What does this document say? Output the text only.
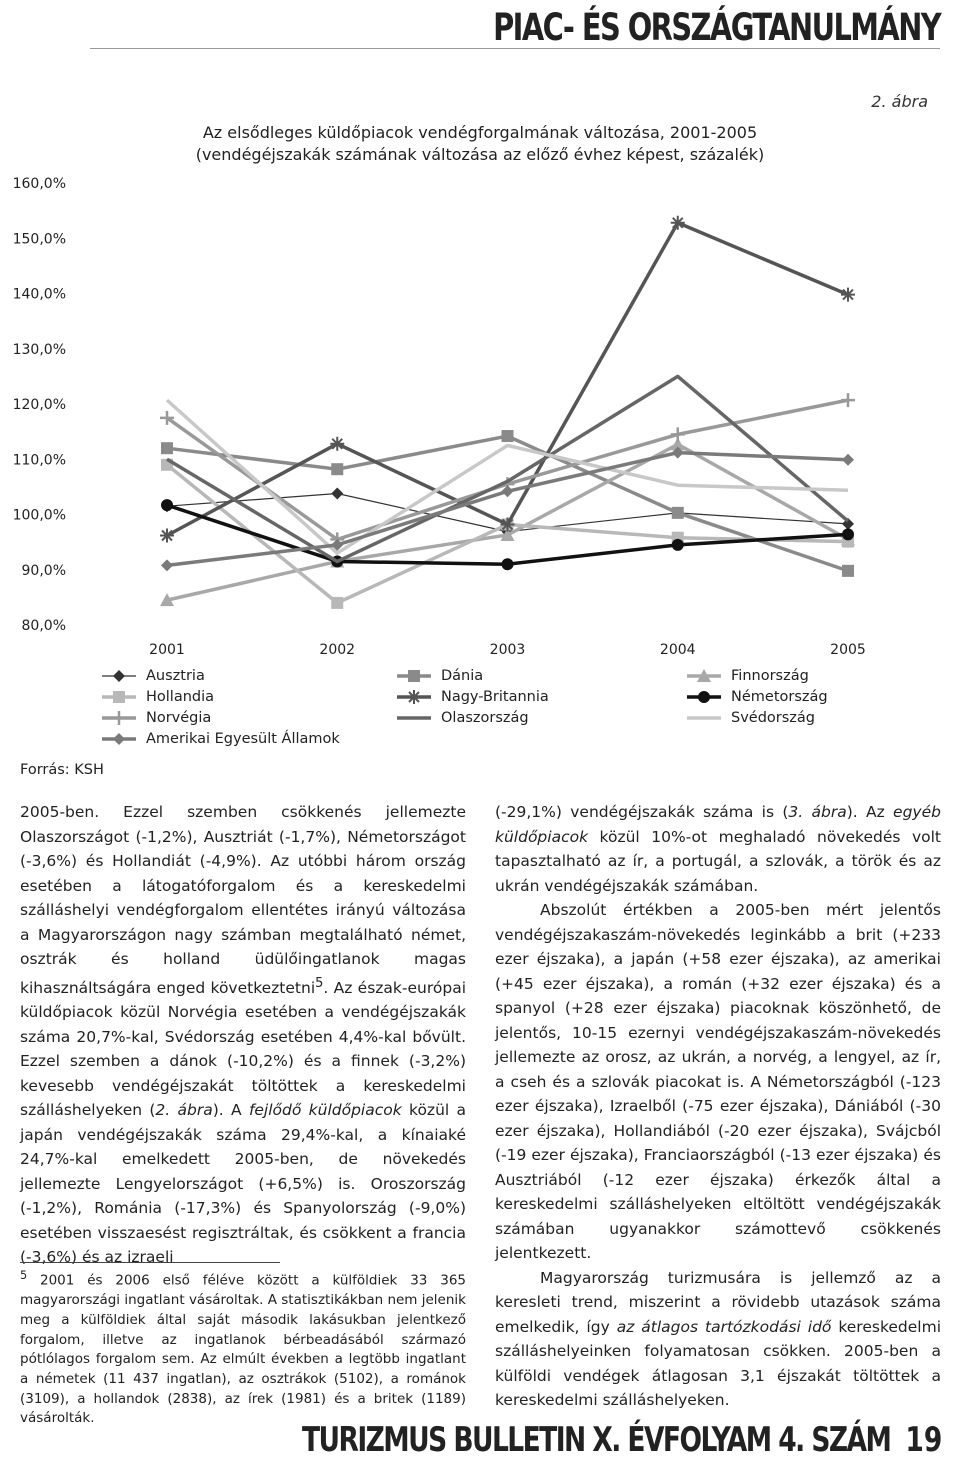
PIAC- ÉS ORSZÁGTANULMÁNY
2. ábra
Az elsődleges küldőpiacok vendégforgalmának változása, 2001-2005
(vendégéjszakák számának változása az előző évhez képest, százalék)
160,0%
150,0%
140,0%
130,0%
120,0%
110,0%
100,0%
90,0%
80,0%
2001	2002	2003	2004	2005
Ausztria	Dánia	Finnország
Hollandia	Nagy-Britannia	Németország
Norvégia	Olaszország	Svédország
Amerikai Egyesült Államok
Forrás: KSH

2005-ben. Ezzel szemben csökkenés jellemezte Olaszországot (-1,2%), Ausztriát (-1,7%), Németországot (-3,6%) és Hollandiát (-4,9%). Az utóbbi három ország esetében a látogatóforgalom és a kereskedelmi szálláshelyi vendégforgalom ellentétes irányú változása a Magyarországon nagy számban megtalálható német, osztrák és holland üdülőingatlanok magas kihasználtságára enged következtetni$^5$. Az észak-európai küldőpiacok közül Norvégia esetében a vendégéjszakák száma 20,7%-kal, Svédország esetében 4,4%-kal bővült. Ezzel szemben a dánok (-10,2%) és a finnek (-3,2%) kevesebb vendégéjszakát töltöttek a kereskedelmi szálláshelyeken (2. ábra). A fejlődő küldőpiacok közül a japán vendégéjszakák száma 29,4%-kal, a kínaiaké 24,7%-kal emelkedett 2005-ben, de növekedés jellemezte Lengyelországot (+6,5%) is. Oroszország (-1,2%), Románia (-17,3%) és Spanyolország (-9,0%) esetében visszaesést regisztráltak, és csökkent a francia (-3,6%) és az izraeli

(-29,1%) vendégéjszakák száma is (3. ábra). Az egyéb küldőpiacok közül 10%-ot meghaladó növekedés volt tapasztalható az ír, a portugál, a szlovák, a török és az ukrán vendégéjszakák számában.

Abszolút értékben a 2005-ben mért jelentős vendégéjszakaszám-növekedés leginkább a brit (+233 ezer éjszaka), a japán (+58 ezer éjszaka), az amerikai (+45 ezer éjszaka), a román (+32 ezer éjszaka) és a spanyol (+28 ezer éjszaka) piacoknak köszönhető, de jelentős, 10-15 ezernyi vendégéjszakaszám-növekedés jellemezte az orosz, az ukrán, a norvég, a lengyel, az ír, a cseh és a szlovák piacokat is. A Németországból (-123 ezer éjszaka), Izraelből (-75 ezer éjszaka), Dániából (-30 ezer éjszaka), Hollandiából (-20 ezer éjszaka), Svájcból (-19 ezer éjszaka), Franciaországból (-13 ezer éjszaka) és Ausztriából (-12 ezer éjszaka) érkezők által a kereskedelmi szálláshelyeken eltöltött vendégéjszakák számában ugyanakkor számottevő csökkenés jelentkezett.

Magyarország turizmusára is jellemző az a keresleti trend, miszerint a rövidebb utazások száma emelkedik, így az átlagos tartózkodási idő kereskedelmi szálláshelyeinken folyamatosan csökken. 2005-ben a külföldi vendégek átlagosan 3,1 éjszakát töltöttek a kereskedelmi szálláshelyeken.

$^5$ 2001 és 2006 első féléve között a külföldiek 33 365 magyarországi ingatlant vásároltak. A statisztikákban nem jelenik meg a külföldiek által saját második lakásukban jelentkező forgalom, illetve az ingatlanok bérbeadásából származó pótlólagos forgalom sem. Az elmúlt években a legtöbb ingatlant a németek (11 437 ingatlan), az osztrákok (5102), a románok (3109), a hollandok (2838), az írek (1981) és a britek (1189) vásárolták.
TURIZMUS BULLETIN X. ÉVFOLYAM 4. SZÁM 19
